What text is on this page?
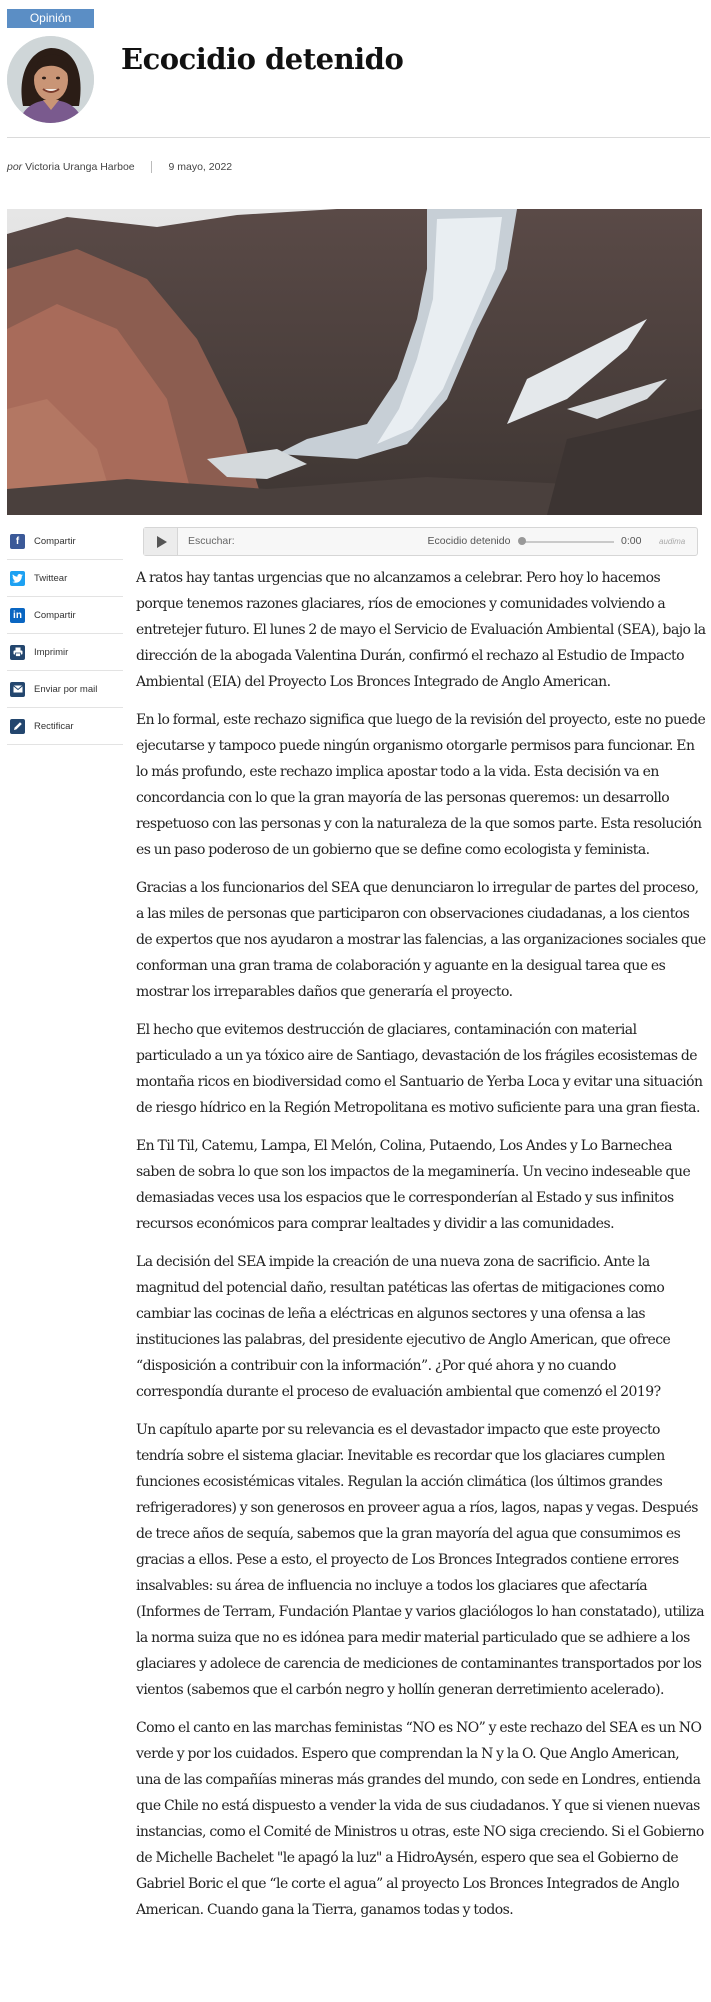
Opinión
Ecocidio detenido
por Victoria Uranga Harboe	9 mayo, 2022
f	Compartir
Twittear
in	Compartir
Imprimir
Enviar por mail
Rectificar
Escuchar:	Ecocidio detenido	0:00 audima

A ratos hay tantas urgencias que no alcanzamos a celebrar. Pero hoy lo hacemos porque tenemos razones glaciares, ríos de emociones y comunidades volviendo a entretejer futuro. El lunes 2 de mayo el Servicio de Evaluación Ambiental (SEA), bajo la dirección de la abogada Valentina Durán, confirmó el rechazo al Estudio de Impacto Ambiental (EIA) del Proyecto Los Bronces Integrado de Anglo American.

En lo formal, este rechazo significa que luego de la revisión del proyecto, este no puede ejecutarse y tampoco puede ningún organismo otorgarle permisos para funcionar. En lo más profundo, este rechazo implica apostar todo a la vida. Esta decisión va en concordancia con lo que la gran mayoría de las personas queremos: un desarrollo respetuoso con las personas y con la naturaleza de la que somos parte. Esta resolución es un paso poderoso de un gobierno que se define como ecologista y feminista.

Gracias a los funcionarios del SEA que denunciaron lo irregular de partes del proceso, a las miles de personas que participaron con observaciones ciudadanas, a los cientos de expertos que nos ayudaron a mostrar las falencias, a las organizaciones sociales que conforman una gran trama de colaboración y aguante en la desigual tarea que es mostrar los irreparables daños que generaría el proyecto.

El hecho que evitemos destrucción de glaciares, contaminación con material particulado a un ya tóxico aire de Santiago, devastación de los frágiles ecosistemas de montaña ricos en biodiversidad como el Santuario de Yerba Loca y evitar una situación de riesgo hídrico en la Región Metropolitana es motivo suficiente para una gran fiesta.

En Til Til, Catemu, Lampa, El Melón, Colina, Putaendo, Los Andes y Lo Barnechea saben de sobra lo que son los impactos de la megaminería. Un vecino indeseable que demasiadas veces usa los espacios que le corresponderían al Estado y sus infinitos recursos económicos para comprar lealtades y dividir a las comunidades.

La decisión del SEA impide la creación de una nueva zona de sacrificio. Ante la magnitud del potencial daño, resultan patéticas las ofertas de mitigaciones como cambiar las cocinas de leña a eléctricas en algunos sectores y una ofensa a las instituciones las palabras, del presidente ejecutivo de Anglo American, que ofrece “disposición a contribuir con la información”. ¿Por qué ahora y no cuando correspondía durante el proceso de evaluación ambiental que comenzó el 2019?

Un capítulo aparte por su relevancia es el devastador impacto que este proyecto tendría sobre el sistema glaciar. Inevitable es recordar que los glaciares cumplen funciones ecosistémicas vitales. Regulan la acción climática (los últimos grandes refrigeradores) y son generosos en proveer agua a ríos, lagos, napas y vegas. Después de trece años de sequía, sabemos que la gran mayoría del agua que consumimos es gracias a ellos. Pese a esto, el proyecto de Los Bronces Integrados contiene errores insalvables: su área de influencia no incluye a todos los glaciares que afectaría (Informes de Terram, Fundación Plantae y varios glaciólogos lo han constatado), utiliza la norma suiza que no es idónea para medir material particulado que se adhiere a los glaciares y adolece de carencia de mediciones de contaminantes transportados por los vientos (sabemos que el carbón negro y hollín generan derretimiento acelerado).

Como el canto en las marchas feministas “NO es NO” y este rechazo del SEA es un NO verde y por los cuidados. Espero que comprendan la N y la O. Que Anglo American, una de las compañías mineras más grandes del mundo, con sede en Londres, entienda que Chile no está dispuesto a vender la vida de sus ciudadanos. Y que si vienen nuevas instancias, como el Comité de Ministros u otras, este NO siga creciendo. Si el Gobierno de Michelle Bachelet "le apagó la luz" a HidroAysén, espero que sea el Gobierno de Gabriel Boric el que “le corte el agua” al proyecto Los Bronces Integrados de Anglo American. Cuando gana la Tierra, ganamos todas y todos.
